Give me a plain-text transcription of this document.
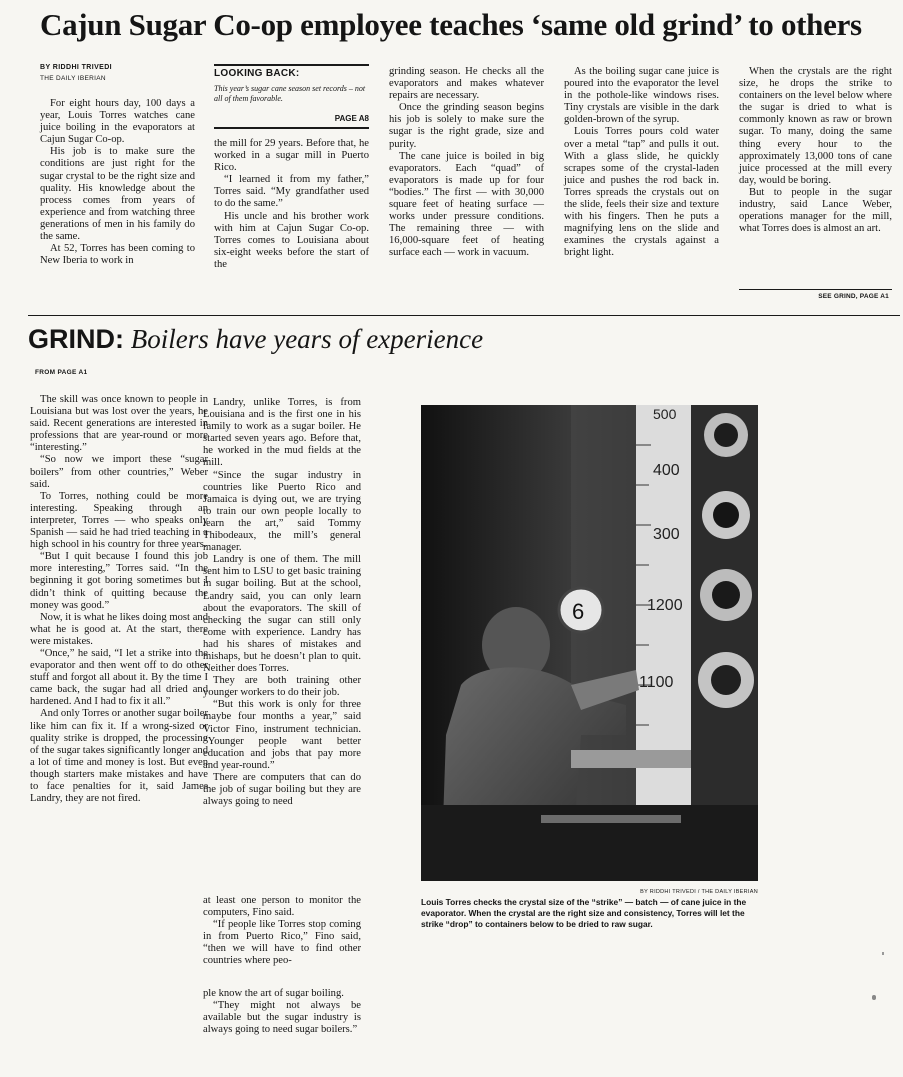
Cajun Sugar Co-op employee teaches ‘same old grind’ to others
BY RIDDHI TRIVEDI
THE DAILY IBERIAN

For eight hours day, 100 days a year, Louis Torres watches cane juice boiling in the evaporators at Cajun Sugar Co-op.

His job is to make sure the conditions are just right for the sugar crystal to be the right size and quality. His knowledge about the process comes from years of experience and from watching three generations of men in his family do the same.

At 52, Torres has been coming to New Iberia to work in

LOOKING BACK:
This year’s sugar cane season set records – not all of them favorable.
PAGE A8

the mill for 29 years. Before that, he worked in a sugar mill in Puerto Rico.

“I learned it from my father,” Torres said. “My grandfather used to do the same.”

His uncle and his brother work with him at Cajun Sugar Co-op. Torres comes to Louisiana about six-eight weeks before the start of the

grinding season. He checks all the evaporators and makes whatever repairs are necessary.

Once the grinding season begins his job is solely to make sure the sugar is the right grade, size and purity.

The cane juice is boiled in big evaporators. Each “quad” of evaporators is made up for four “bodies.” The first — with 30,000 square feet of heating surface — works under pressure conditions. The remaining three — with 16,000-square feet of heating surface each — work in vacuum.

As the boiling sugar cane juice is poured into the evaporator the level in the pothole-like windows rises. Tiny crystals are visible in the dark golden-brown of the syrup.

Louis Torres pours cold water over a metal “tap” and pulls it out. With a glass slide, he quickly scrapes some of the crystal-laden juice and pushes the rod back in. Torres spreads the crystals out on the slide, feels their size and texture with his fingers. Then he puts a magnifying lens on the slide and examines the crystals against a bright light.

When the crystals are the right size, he drops the strike to containers on the level below where the sugar is dried to what is commonly known as raw or brown sugar. To many, doing the same thing every hour to the approximately 13,000 tons of cane juice processed at the mill every day, would be boring.

But to people in the sugar industry, said Lance Weber, operations manager for the mill, what Torres does is almost an art.

SEE GRIND, PAGE A1
GRIND: Boilers have years of experience
FROM PAGE A1

The skill was once known to people in Louisiana but was lost over the years, he said. Recent generations are interested in professions that are year-round or more “interesting.”

“So now we import these “sugar boilers” from other countries,” Weber said.

To Torres, nothing could be more interesting. Speaking through an interpreter, Torres — who speaks only Spanish — said he had tried teaching in a high school in his country for three years.

“But I quit because I found this job more interesting,” Torres said. “In the beginning it got boring sometimes but I didn’t think of quitting because the money was good.”

Now, it is what he likes doing most and what he is good at. At the start, there were mistakes.

“Once,” he said, “I let a strike into the evaporator and then went off to do other stuff and forgot all about it. By the time I came back, the sugar had all dried and hardened. And I had to fix it all.”

And only Torres or another sugar boiler like him can fix it. If a wrong-sized or quality strike is dropped, the processing of the sugar takes significantly longer and a lot of time and money is lost. But even though starters make mistakes and have to face penalties for it, said James Landry, they are not fired.

Landry, unlike Torres, is from Louisiana and is the first one in his family to work as a sugar boiler. He started seven years ago. Before that, he worked in the mud fields at the mill.

“Since the sugar industry in countries like Puerto Rico and Jamaica is dying out, we are trying to train our own people locally to learn the art,” said Tommy Thibodeaux, the mill’s general manager.

Landry is one of them. The mill sent him to LSU to get basic training in sugar boiling. But at the school, Landry said, you can only learn about the evaporators. The skill of checking the sugar can still only come with experience. Landry has had his shares of mistakes and mishaps, but he doesn’t plan to quit. Neither does Torres.

They are both training other younger workers to do their job.

“But this work is only for three maybe four months a year,” said Victor Fino, instrument technician. “Younger people want better education and jobs that pay more and year-round.”

There are computers that can do the job of sugar boiling but they are always going to need

at least one person to monitor the computers, Fino said.

“If people like Torres stop coming in from Puerto Rico,” Fino said, “then we will have to find other countries where peo-

ple know the art of sugar boiling.

“They might not always be available but the sugar industry is always going to need sugar boilers.”

500
400
300
1200
1100
6
BY RIDDHI TRIVEDI / THE DAILY IBERIAN
Louis Torres checks the crystal size of the “strike” — batch — of cane juice in the evaporator. When the crystal are the right size and consistency, Torres will let the strike “drop” to containers below to be dried to raw sugar.
